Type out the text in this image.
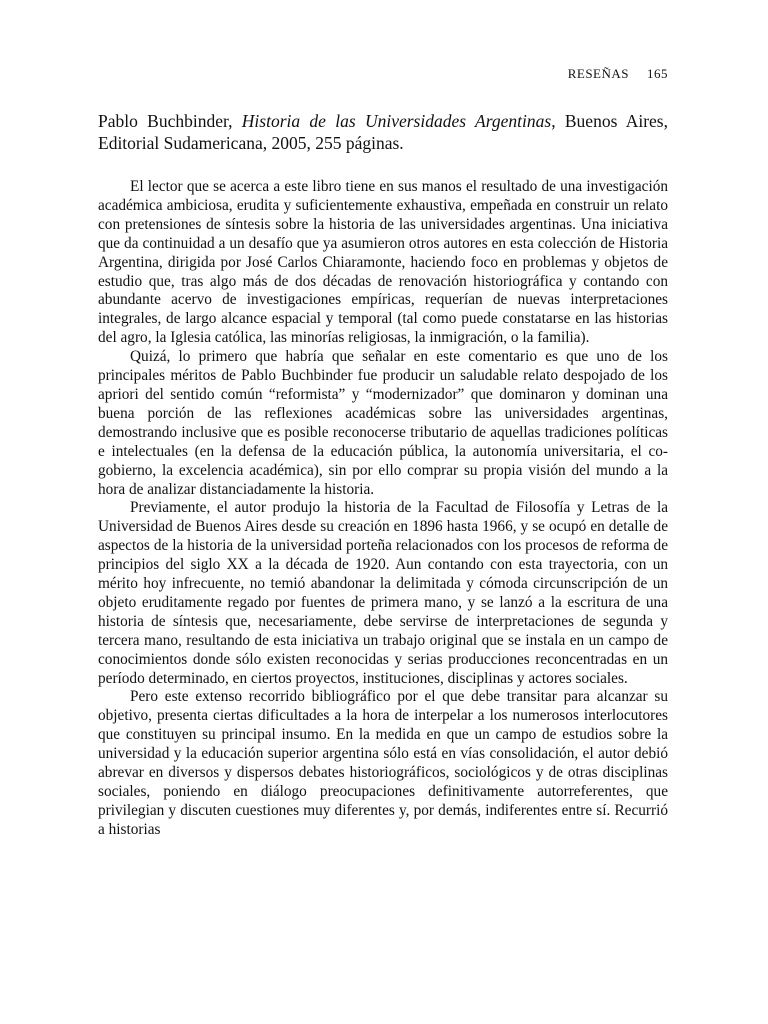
RESEÑAS 165

Pablo Buchbinder, Historia de las Universidades Argentinas, Buenos Aires, Editorial Sudamericana, 2005, 255 páginas.

El lector que se acerca a este libro tiene en sus manos el resultado de una investigación académica ambiciosa, erudita y suficientemente exhaustiva, empeñada en construir un relato con pretensiones de síntesis sobre la historia de las universidades argentinas. Una iniciativa que da continuidad a un desafío que ya asumieron otros autores en esta colección de Historia Argentina, dirigida por José Carlos Chiaramonte, haciendo foco en problemas y objetos de estudio que, tras algo más de dos décadas de renovación historiográfica y contando con abundante acervo de investigaciones empíricas, requerían de nuevas interpretaciones integrales, de largo alcance espacial y temporal (tal como puede constatarse en las historias del agro, la Iglesia católica, las minorías religiosas, la inmigración, o la familia).

Quizá, lo primero que habría que señalar en este comentario es que uno de los principales méritos de Pablo Buchbinder fue producir un saludable relato despojado de los apriori del sentido común “reformista” y “modernizador” que dominaron y dominan una buena porción de las reflexiones académicas sobre las universidades argentinas, demostrando inclusive que es posible reconocerse tributario de aquellas tradiciones políticas e intelectuales (en la defensa de la educación pública, la autonomía universitaria, el co-gobierno, la excelencia académica), sin por ello comprar su propia visión del mundo a la hora de analizar distanciadamente la historia.

Previamente, el autor produjo la historia de la Facultad de Filosofía y Letras de la Universidad de Buenos Aires desde su creación en 1896 hasta 1966, y se ocupó en detalle de aspectos de la historia de la universidad porteña relacionados con los procesos de reforma de principios del siglo XX a la década de 1920. Aun contando con esta trayectoria, con un mérito hoy infrecuente, no temió abandonar la delimitada y cómoda circunscripción de un objeto eruditamente regado por fuentes de primera mano, y se lanzó a la escritura de una historia de síntesis que, necesariamente, debe servirse de interpretaciones de segunda y tercera mano, resultando de esta iniciativa un trabajo original que se instala en un campo de conocimientos donde sólo existen reconocidas y serias producciones reconcentradas en un período determinado, en ciertos proyectos, instituciones, disciplinas y actores sociales.

Pero este extenso recorrido bibliográfico por el que debe transitar para alcanzar su objetivo, presenta ciertas dificultades a la hora de interpelar a los numerosos interlocutores que constituyen su principal insumo. En la medida en que un campo de estudios sobre la universidad y la educación superior argentina sólo está en vías consolidación, el autor debió abrevar en diversos y dispersos debates historiográficos, sociológicos y de otras disciplinas sociales, poniendo en diálogo preocupaciones definitivamente autorreferentes, que privilegian y discuten cuestiones muy diferentes y, por demás, indiferentes entre sí. Recurrió a historias
